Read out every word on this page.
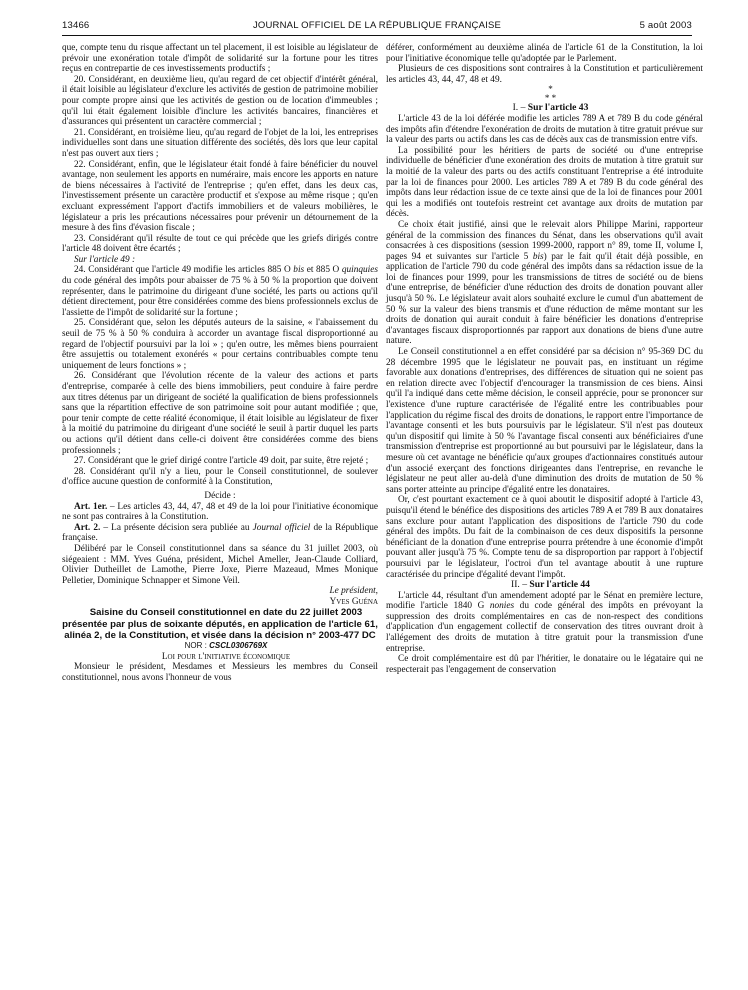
13466	JOURNAL OFFICIEL DE LA RÉPUBLIQUE FRANÇAISE	5 août 2003

que, compte tenu du risque affectant un tel placement, il est loisible au législateur de prévoir une exonération totale d'impôt de solidarité sur la fortune pour les titres reçus en contrepartie de ces investissements productifs ;

20. Considérant, en deuxième lieu, qu'au regard de cet objectif d'intérêt général, il était loisible au législateur d'exclure les activités de gestion de patrimoine mobilier pour compte propre ainsi que les activités de gestion ou de location d'immeubles ; qu'il lui était également loisible d'inclure les activités bancaires, financières et d'assurances qui présentent un caractère commercial ;

21. Considérant, en troisième lieu, qu'au regard de l'objet de la loi, les entreprises individuelles sont dans une situation différente des sociétés, dès lors que leur capital n'est pas ouvert aux tiers ;

22. Considérant, enfin, que le législateur était fondé à faire bénéficier du nouvel avantage, non seulement les apports en numéraire, mais encore les apports en nature de biens nécessaires à l'activité de l'entreprise ; qu'en effet, dans les deux cas, l'investissement présente un caractère productif et s'expose au même risque ; qu'en excluant expressément l'apport d'actifs immobiliers et de valeurs mobilières, le législateur a pris les précautions nécessaires pour prévenir un détournement de la mesure à des fins d'évasion fiscale ;

23. Considérant qu'il résulte de tout ce qui précède que les griefs dirigés contre l'article 48 doivent être écartés ;

Sur l'article 49 :

24. Considérant que l'article 49 modifie les articles 885 O bis et 885 O quinquies du code général des impôts pour abaisser de 75 % à 50 % la proportion que doivent représenter, dans le patrimoine du dirigeant d'une société, les parts ou actions qu'il détient directement, pour être considérées comme des biens professionnels exclus de l'assiette de l'impôt de solidarité sur la fortune ;

25. Considérant que, selon les députés auteurs de la saisine, « l'abaissement du seuil de 75 % à 50 % conduira à accorder un avantage fiscal disproportionné au regard de l'objectif poursuivi par la loi » ; qu'en outre, les mêmes biens pourraient être assujettis ou totalement exonérés « pour certains contribuables compte tenu uniquement de leurs fonctions » ;

26. Considérant que l'évolution récente de la valeur des actions et parts d'entreprise, comparée à celle des biens immobiliers, peut conduire à faire perdre aux titres détenus par un dirigeant de société la qualification de biens professionnels sans que la répartition effective de son patrimoine soit pour autant modifiée ; que, pour tenir compte de cette réalité économique, il était loisible au législateur de fixer à la moitié du patrimoine du dirigeant d'une société le seuil à partir duquel les parts ou actions qu'il détient dans celle-ci doivent être considérées comme des biens professionnels ;

27. Considérant que le grief dirigé contre l'article 49 doit, par suite, être rejeté ;

28. Considérant qu'il n'y a lieu, pour le Conseil constitutionnel, de soulever d'office aucune question de conformité à la Constitution,

Décide :

Art. 1er. – Les articles 43, 44, 47, 48 et 49 de la loi pour l'initiative économique ne sont pas contraires à la Constitution.

Art. 2. – La présente décision sera publiée au Journal officiel de la République française.

Délibéré par le Conseil constitutionnel dans sa séance du 31 juillet 2003, où siégeaient : MM. Yves Guéna, président, Michel Ameller, Jean-Claude Colliard, Olivier Dutheillet de Lamothe, Pierre Joxe, Pierre Mazeaud, Mmes Monique Pelletier, Dominique Schnapper et Simone Veil.

Le président,

Yves Guéna

Saisine du Conseil constitutionnel en date du 22 juillet 2003 présentée par plus de soixante députés, en application de l'article 61, alinéa 2, de la Constitution, et visée dans la décision n° 2003-477 DC

NOR : CSCL0306769X

Loi pour l'initiative économique

Monsieur le président, Mesdames et Messieurs les membres du Conseil constitutionnel, nous avons l'honneur de vous

déférer, conformément au deuxième alinéa de l'article 61 de la Constitution, la loi pour l'initiative économique telle qu'adoptée par le Parlement.

Plusieurs de ces dispositions sont contraires à la Constitution et particulièrement les articles 43, 44, 47, 48 et 49.

*

* *

I. – Sur l'article 43

L'article 43 de la loi déférée modifie les articles 789 A et 789 B du code général des impôts afin d'étendre l'exonération de droits de mutation à titre gratuit prévue sur la valeur des parts ou actifs dans les cas de décès aux cas de transmission entre vifs.

La possibilité pour les héritiers de parts de société ou d'une entreprise individuelle de bénéficier d'une exonération des droits de mutation à titre gratuit sur la moitié de la valeur des parts ou des actifs constituant l'entreprise a été introduite par la loi de finances pour 2000. Les articles 789 A et 789 B du code général des impôts dans leur rédaction issue de ce texte ainsi que de la loi de finances pour 2001 qui les a modifiés ont toutefois restreint cet avantage aux droits de mutation par décès.

Ce choix était justifié, ainsi que le relevait alors Philippe Marini, rapporteur général de la commission des finances du Sénat, dans les observations qu'il avait consacrées à ces dispositions (session 1999-2000, rapport n° 89, tome II, volume I, pages 94 et suivantes sur l'article 5 bis) par le fait qu'il était déjà possible, en application de l'article 790 du code général des impôts dans sa rédaction issue de la loi de finances pour 1999, pour les transmissions de titres de société ou de biens d'une entreprise, de bénéficier d'une réduction des droits de donation pouvant aller jusqu'à 50 %. Le législateur avait alors souhaité exclure le cumul d'un abattement de 50 % sur la valeur des biens transmis et d'une réduction de même montant sur les droits de donation qui aurait conduit à faire bénéficier les donations d'entreprise d'avantages fiscaux disproportionnés par rapport aux donations de biens d'une autre nature.

Le Conseil constitutionnel a en effet considéré par sa décision n° 95-369 DC du 28 décembre 1995 que le législateur ne pouvait pas, en instituant un régime favorable aux donations d'entreprises, des différences de situation qui ne soient pas en relation directe avec l'objectif d'encourager la transmission de ces biens. Ainsi qu'il l'a indiqué dans cette même décision, le conseil apprécie, pour se prononcer sur l'existence d'une rupture caractérisée de l'égalité entre les contribuables pour l'application du régime fiscal des droits de donations, le rapport entre l'importance de l'avantage consenti et les buts poursuivis par le législateur. S'il n'est pas douteux qu'un dispositif qui limite à 50 % l'avantage fiscal consenti aux bénéficiaires d'une transmission d'entreprise est proportionné au but poursuivi par le législateur, dans la mesure où cet avantage ne bénéficie qu'aux groupes d'actionnaires constitués autour d'un associé exerçant des fonctions dirigeantes dans l'entreprise, en revanche le législateur ne peut aller au-delà d'une diminution des droits de mutation de 50 % sans porter atteinte au principe d'égalité entre les donataires.

Or, c'est pourtant exactement ce à quoi aboutit le dispositif adopté à l'article 43, puisqu'il étend le bénéfice des dispositions des articles 789 A et 789 B aux donataires sans exclure pour autant l'application des dispositions de l'article 790 du code général des impôts. Du fait de la combinaison de ces deux dispositifs la personne bénéficiant de la donation d'une entreprise pourra prétendre à une économie d'impôt pouvant aller jusqu'à 75 %. Compte tenu de sa disproportion par rapport à l'objectif poursuivi par le législateur, l'octroi d'un tel avantage aboutit à une rupture caractérisée du principe d'égalité devant l'impôt.

II. – Sur l'article 44

L'article 44, résultant d'un amendement adopté par le Sénat en première lecture, modifie l'article 1840 G nonies du code général des impôts en prévoyant la suppression des droits complémentaires en cas de non-respect des conditions d'application d'un engagement collectif de conservation des titres ouvrant droit à l'allégement des droits de mutation à titre gratuit pour la transmission d'une entreprise.

Ce droit complémentaire est dû par l'héritier, le donataire ou le légataire qui ne respecterait pas l'engagement de conservation
